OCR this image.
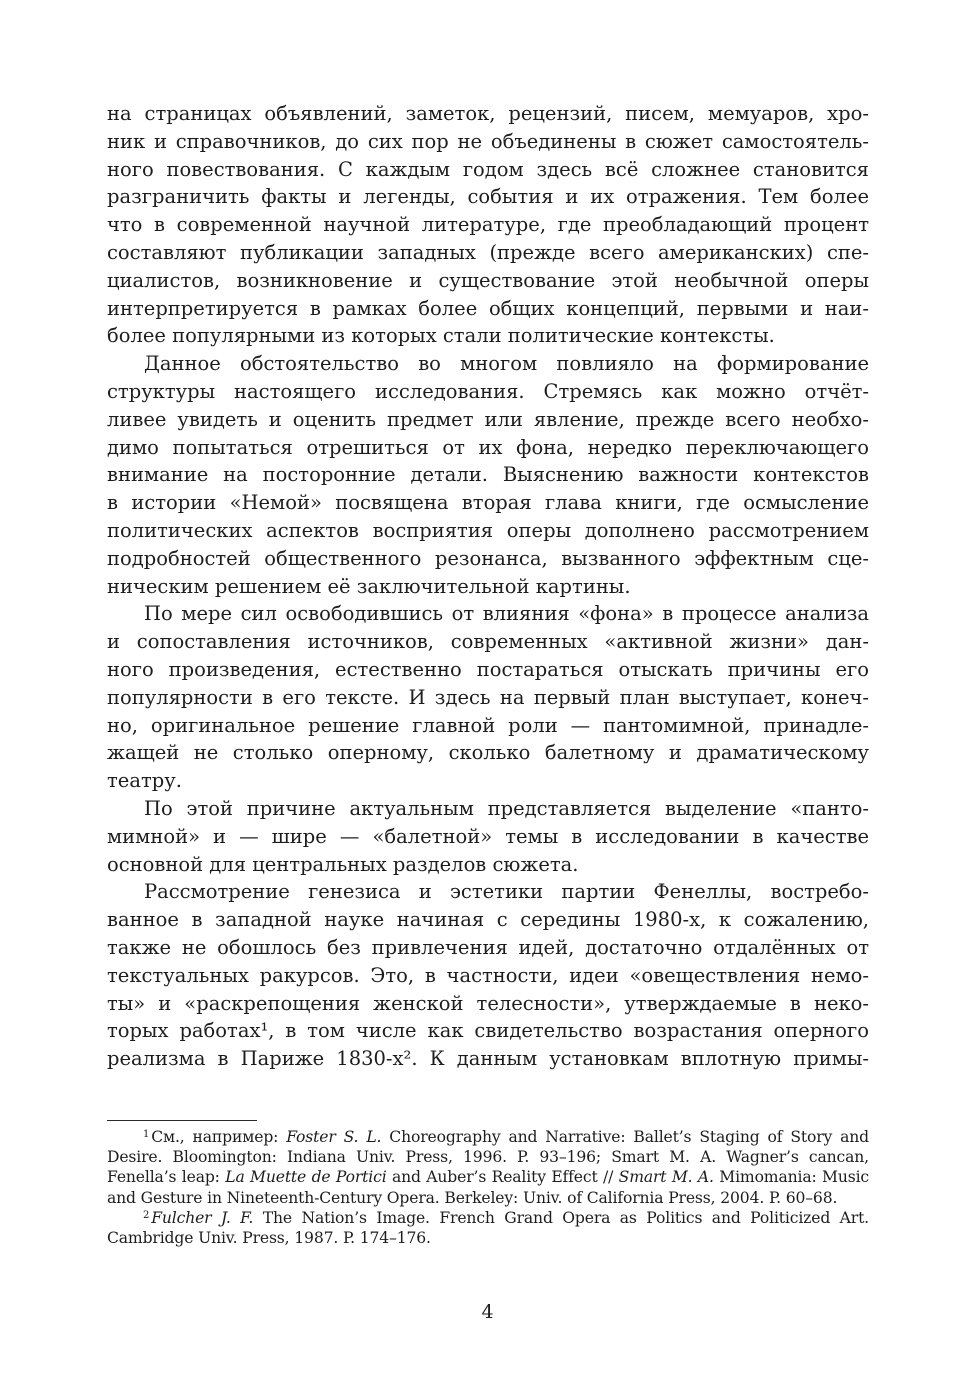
на страницах объявлений, заметок, рецензий, писем, мемуаров, хро-
ник и справочников, до сих пор не объединены в сюжет самостоятель-
ного повествования. С каждым годом здесь всё сложнее становится
разграничить факты и легенды, события и их отражения. Тем более
что в современной научной литературе, где преобладающий процент
составляют публикации западных (прежде всего американских) спе-
циалистов, возникновение и существование этой необычной оперы
интерпретируется в рамках более общих концепций, первыми и наи-
более популярными из которых стали политические контексты.
Данное обстоятельство во многом повлияло на формирование
структуры настоящего исследования. Стремясь как можно отчёт-
ливее увидеть и оценить предмет или явление, прежде всего необхо-
димо попытаться отрешиться от их фона, нередко переключающего
внимание на посторонние детали. Выяснению важности контекстов
в истории «Немой» посвящена вторая глава книги, где осмысление
политических аспектов восприятия оперы дополнено рассмотрением
подробностей общественного резонанса, вызванного эффектным сце-
ническим решением её заключительной картины.
По мере сил освободившись от влияния «фона» в процессе анализа
и сопоставления источников, современных «активной жизни» дан-
ного произведения, естественно постараться отыскать причины его
популярности в его тексте. И здесь на первый план выступает, конеч-
но, оригинальное решение главной роли — пантомимной, принадле-
жащей не столько оперному, сколько балетному и драматическому
театру.
По этой причине актуальным представляется выделение «панто-
мимной» и — шире — «балетной» темы в исследовании в качестве
основной для центральных разделов сюжета.
Рассмотрение генезиса и эстетики партии Фенеллы, востребо-
ванное в западной науке начиная с середины 1980-х, к сожалению,
также не обошлось без привлечения идей, достаточно отдалённых от
текстуальных ракурсов. Это, в частности, идеи «овеществления немо-
ты» и «раскрепощения женской телесности», утверждаемые в неко-
торых работах¹, в том числе как свидетельство возрастания оперного
реализма в Париже 1830-х². К данным установкам вплотную примы-

$^1$ См., например: Foster S. L. Choreography and Narrative: Ballet’s Staging of Story and Desire. Bloomington: Indiana Univ. Press, 1996. P. 93–196; Smart M. A. Wagner’s cancan, Fenella’s leap: La Muette de Portici and Auber’s Reality Effect // Smart M. A. Mimomania: Music and Gesture in Nineteenth-Century Opera. Berkeley: Univ. of California Press, 2004. P. 60–68.

$^2$ Fulcher J. F. The Nation’s Image. French Grand Opera as Politics and Politicized Art. Cambridge Univ. Press, 1987. P. 174–176.

4
